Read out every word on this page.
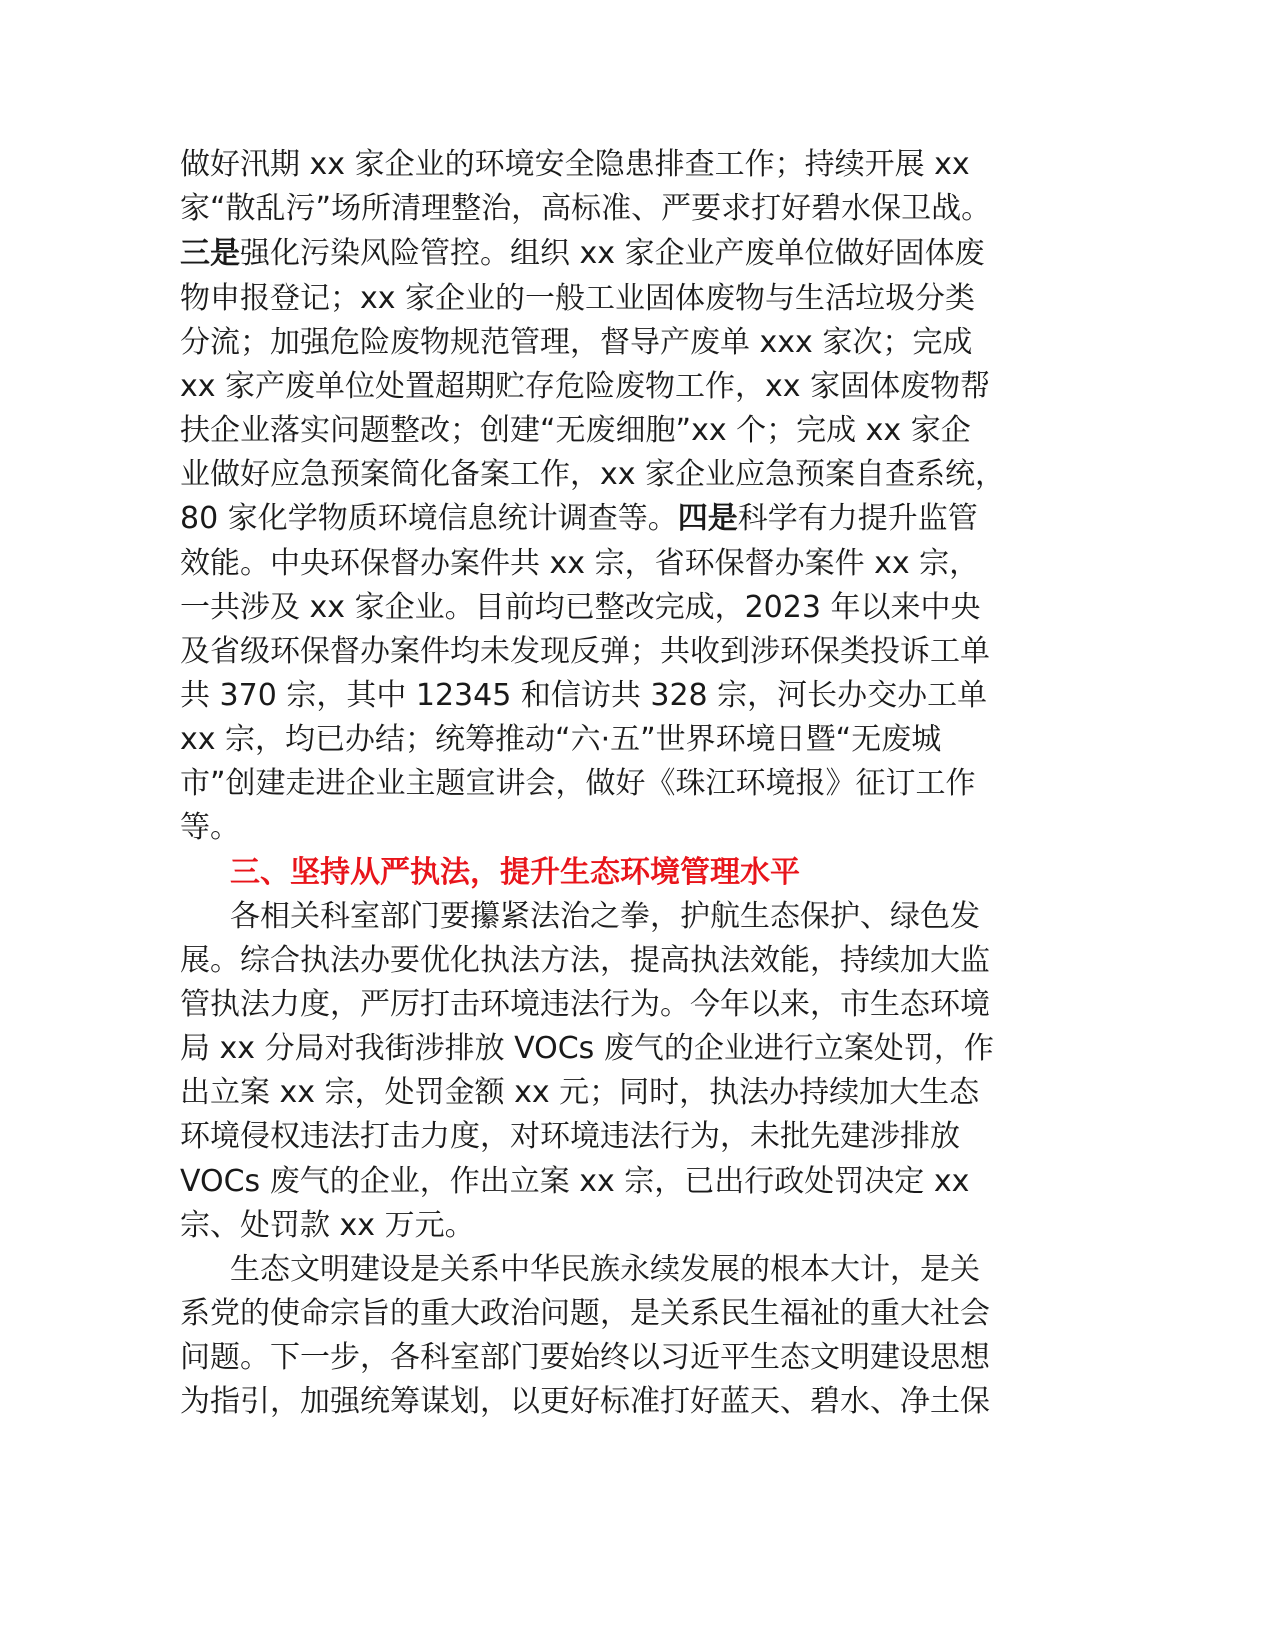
做好汛期 xx 家企业的环境安全隐患排查工作；持续开展 xx
家“散乱污”场所清理整治，高标准、严要求打好碧水保卫战。
三是强化污染风险管控。组织 xx 家企业产废单位做好固体废
物申报登记；xx 家企业的一般工业固体废物与生活垃圾分类
分流；加强危险废物规范管理，督导产废单 xxx 家次；完成
xx 家产废单位处置超期贮存危险废物工作，xx 家固体废物帮
扶企业落实问题整改；创建“无废细胞”xx 个；完成 xx 家企
业做好应急预案简化备案工作，xx 家企业应急预案自查系统，
80 家化学物质环境信息统计调查等。四是科学有力提升监管
效能。中央环保督办案件共 xx 宗，省环保督办案件 xx 宗，
一共涉及 xx 家企业。目前均已整改完成，2023 年以来中央
及省级环保督办案件均未发现反弹；共收到涉环保类投诉工单
共 370 宗，其中 12345 和信访共 328 宗，河长办交办工单
xx 宗，均已办结；统筹推动“六·五”世界环境日暨“无废城
市”创建走进企业主题宣讲会，做好《珠江环境报》征订工作
等。
三、坚持从严执法，提升生态环境管理水平
各相关科室部门要攥紧法治之拳，护航生态保护、绿色发
展。综合执法办要优化执法方法，提高执法效能，持续加大监
管执法力度，严厉打击环境违法行为。今年以来，市生态环境
局 xx 分局对我街涉排放 VOCs 废气的企业进行立案处罚，作
出立案 xx 宗，处罚金额 xx 元；同时，执法办持续加大生态
环境侵权违法打击力度，对环境违法行为，未批先建涉排放
VOCs 废气的企业，作出立案 xx 宗，已出行政处罚决定 xx
宗、处罚款 xx 万元。
生态文明建设是关系中华民族永续发展的根本大计，是关
系党的使命宗旨的重大政治问题，是关系民生福祉的重大社会
问题。下一步，各科室部门要始终以习近平生态文明建设思想
为指引，加强统筹谋划，以更好标准打好蓝天、碧水、净土保
